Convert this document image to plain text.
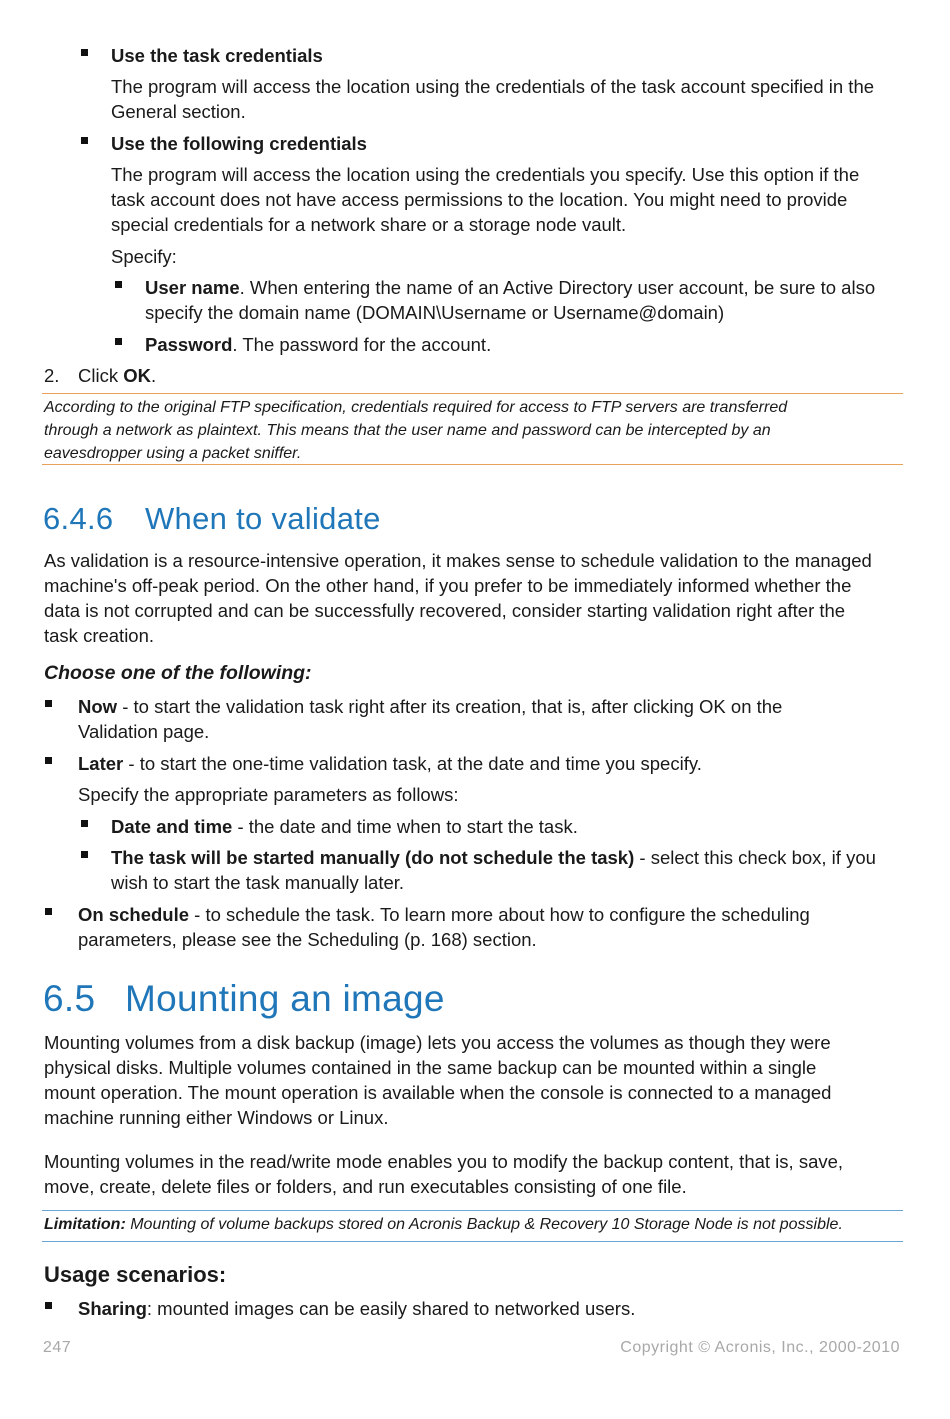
Use the task credentials

The program will access the location using the credentials of the task account specified in the

General section.

Use the following credentials

The program will access the location using the credentials you specify. Use this option if the

task account does not have access permissions to the location. You might need to provide

special credentials for a network share or a storage node vault.

Specify:

User name. When entering the name of an Active Directory user account, be sure to also

specify the domain name (DOMAIN\Username or Username@domain)

Password. The password for the account.

2. Click OK.

According to the original FTP specification, credentials required for access to FTP servers are transferred
through a network as plaintext. This means that the user name and password can be intercepted by an
eavesdropper using a packet sniffer.
6.4.6 When to validate

As validation is a resource-intensive operation, it makes sense to schedule validation to the managed

machine's off-peak period. On the other hand, if you prefer to be immediately informed whether the

data is not corrupted and can be successfully recovered, consider starting validation right after the

task creation.

Choose one of the following:

Now - to start the validation task right after its creation, that is, after clicking OK on the

Validation page.

Later - to start the one-time validation task, at the date and time you specify.

Specify the appropriate parameters as follows:

Date and time - the date and time when to start the task.

The task will be started manually (do not schedule the task) - select this check box, if you

wish to start the task manually later.

On schedule - to schedule the task. To learn more about how to configure the scheduling

parameters, please see the Scheduling (p. 168) section.

6.5 Mounting an image

Mounting volumes from a disk backup (image) lets you access the volumes as though they were

physical disks. Multiple volumes contained in the same backup can be mounted within a single

mount operation. The mount operation is available when the console is connected to a managed

machine running either Windows or Linux.

Mounting volumes in the read/write mode enables you to modify the backup content, that is, save,

move, create, delete files or folders, and run executables consisting of one file.

Limitation: Mounting of volume backups stored on Acronis Backup & Recovery 10 Storage Node is not possible.

Usage scenarios:

Sharing: mounted images can be easily shared to networked users.

247	Copyright © Acronis, Inc., 2000-2010
